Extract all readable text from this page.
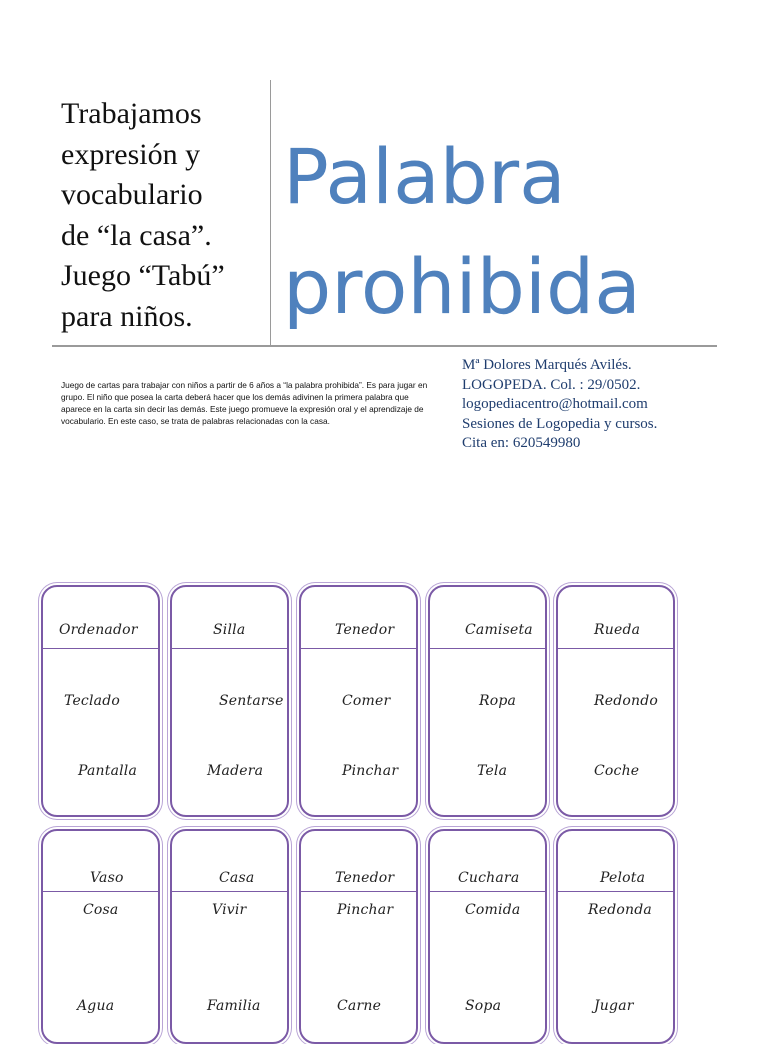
Trabajamos
expresión y
vocabulario
de “la casa”.
Juego “Tabú”
para niños.

Palabra
prohibida

Juego de cartas para trabajar con niños a partir de 6 años a “la palabra prohibida”. Es para jugar en grupo. El niño que posea la carta deberá hacer que los demás adivinen la primera palabra que aparece en la carta sin decir las demás. Este juego promueve la expresión oral y el aprendizaje de vocabulario. En este caso, se trata de palabras relacionadas con la casa.

Mª Dolores Marqués Avilés.
LOGOPEDA. Col. : 29/0502.
logopediacentro@hotmail.com
Sesiones de Logopedia y cursos.
Cita en: 620549980
Ordenador
Teclado
Pantalla
Silla
Sentarse
Madera
Tenedor
Comer
Pinchar
Camiseta
Ropa
Tela
Rueda
Redondo
Coche
Vaso
Cosa
Agua
Casa
Vivir
Familia
Tenedor
Pinchar
Carne
Cuchara
Comida
Sopa
Pelota
Redonda
Jugar
